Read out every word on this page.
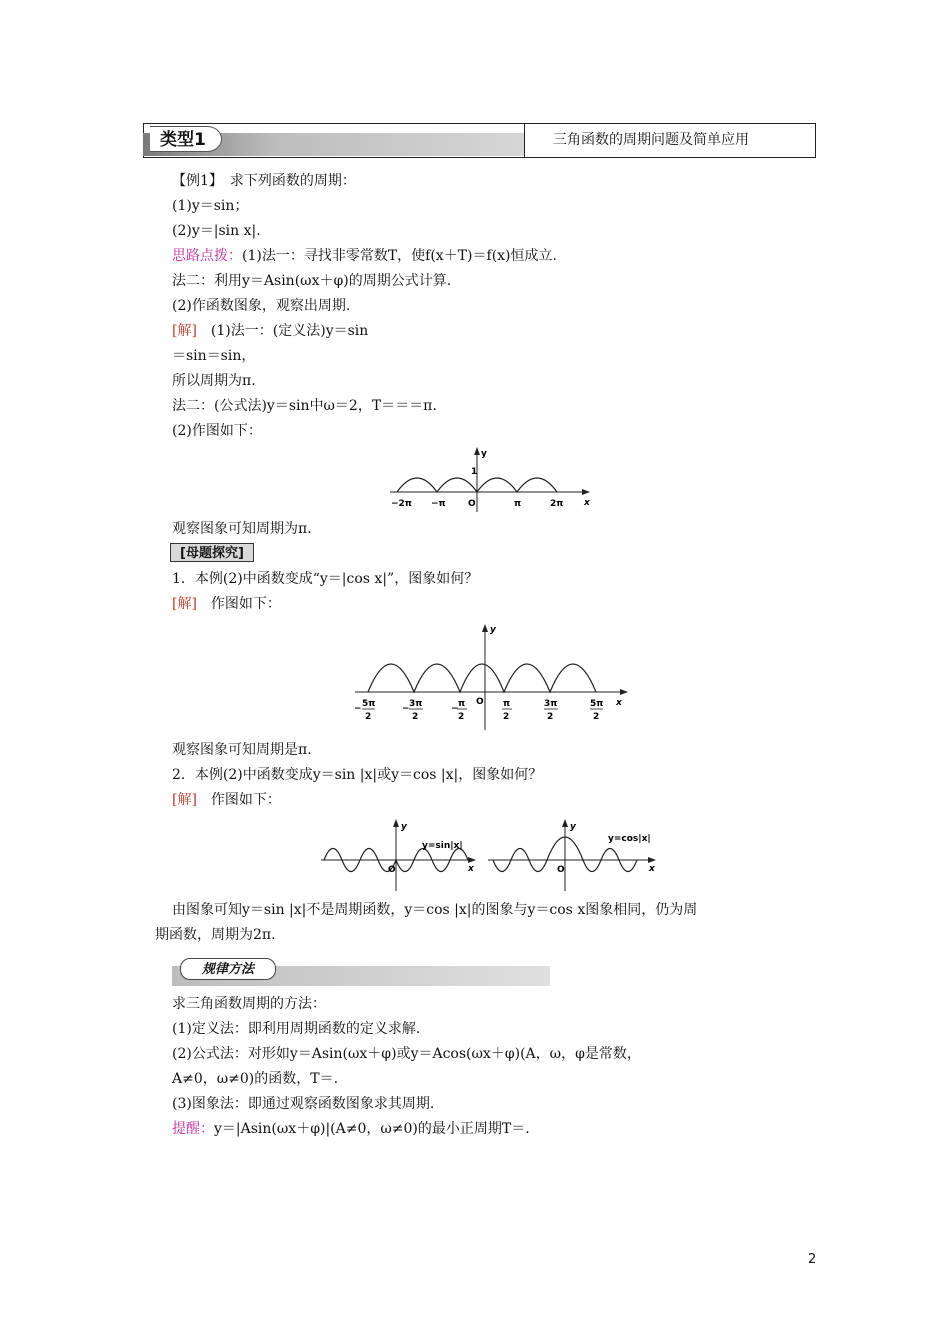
类型1	三角函数的周期问题及简单应用
【例1】　求下列函数的周期：
(1)y＝sin；
(2)y＝|sin x|.
思路点拨：(1)法一：寻找非零常数T，使f(x＋T)＝f(x)恒成立.
法二：利用y＝Asin(ωx＋φ)的周期公式计算.
(2)作函数图象，观察出周期.
[解]　(1)法一：(定义法)y＝sin
＝sin＝sin，
所以周期为π.
法二：(公式法)y＝sin中ω＝2，T＝＝＝π.
(2)作图如下：
y
1
−2π −π O	π	2π x
观察图象可知周期为π.
[母题探究]
1．本例(2)中函数变成“y＝|cos x|”，图象如何？
[解]　作图如下：
y
O	x
− 5π
2
− 3π
2
− π
2
π
2
3π
2
5π
2
观察图象可知周期是π.
2．本例(2)中函数变成y＝sin |x|或y＝cos |x|，图象如何？
[解]　作图如下：
y
O	x
y=sin|x|
y
O	x
y=cos|x|
由图象可知y＝sin |x|不是周期函数，y＝cos |x|的图象与y＝cos x图象相同，仍为周
期函数，周期为2π.
规律方法
求三角函数周期的方法：
(1)定义法：即利用周期函数的定义求解.
(2)公式法：对形如y＝Asin(ωx＋φ)或y＝Acos(ωx＋φ)(A，ω，φ是常数，
A≠0，ω≠0)的函数，T＝.
(3)图象法：即通过观察函数图象求其周期.
提醒：y＝|Asin(ωx＋φ)|(A≠0，ω≠0)的最小正周期T＝.
2
